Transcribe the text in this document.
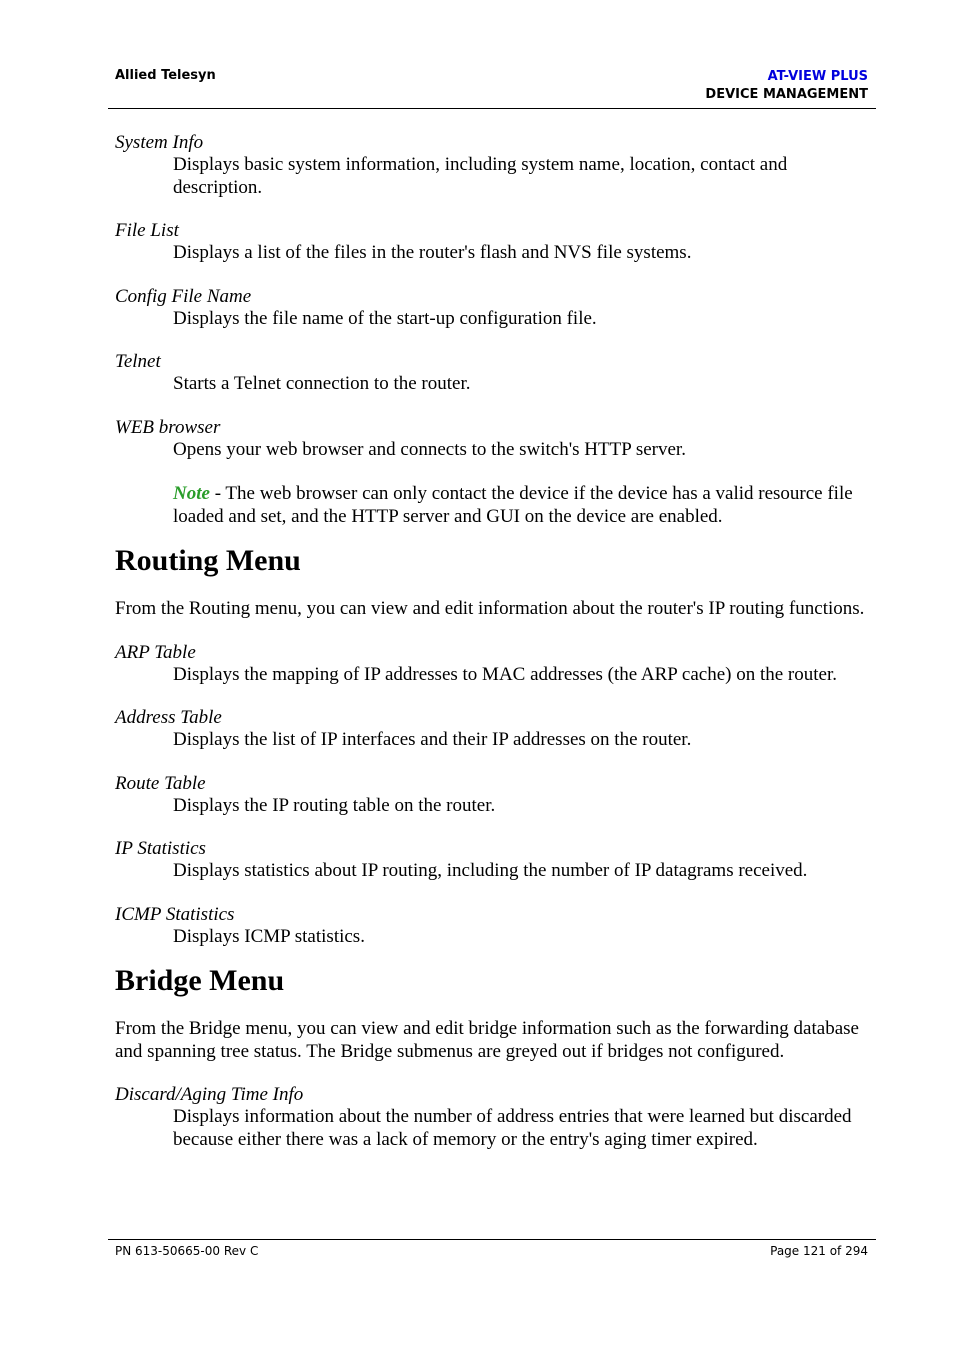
Allied Telesyn	AT-VIEW PLUS
DEVICE MANAGEMENT

System Info

Displays basic system information, including system name, location, contact and description.

File List

Displays a list of the files in the router's flash and NVS file systems.

Config File Name

Displays the file name of the start-up configuration file.

Telnet

Starts a Telnet connection to the router.

WEB browser

Opens your web browser and connects to the switch's HTTP server.

Note - The web browser can only contact the device if the device has a valid resource file loaded and set, and the HTTP server and GUI on the device are enabled.

Routing Menu

From the Routing menu, you can view and edit information about the router's IP routing functions.

ARP Table

Displays the mapping of IP addresses to MAC addresses (the ARP cache) on the router.

Address Table

Displays the list of IP interfaces and their IP addresses on the router.

Route Table

Displays the IP routing table on the router.

IP Statistics

Displays statistics about IP routing, including the number of IP datagrams received.

ICMP Statistics

Displays ICMP statistics.

Bridge Menu

From the Bridge menu, you can view and edit bridge information such as the forwarding database and spanning tree status. The Bridge submenus are greyed out if bridges not configured.

Discard/Aging Time Info

Displays information about the number of address entries that were learned but discarded because either there was a lack of memory or the entry's aging timer expired.

PN 613-50665-00 Rev C	Page 121 of 294
